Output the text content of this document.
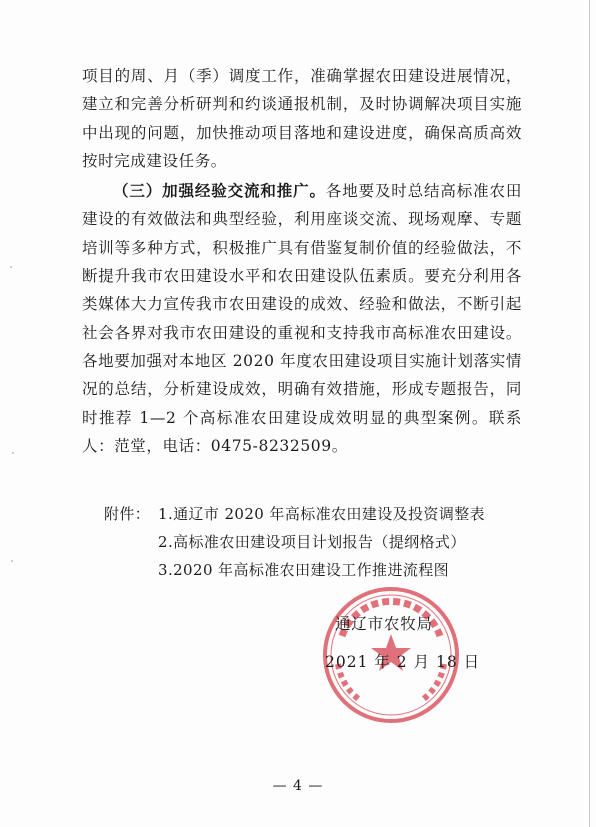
项目的周、月（季）调度工作，准确掌握农田建设进展情况，建立和完善分析研判和约谈通报机制，及时协调解决项目实施中出现的问题，加快推动项目落地和建设进度，确保高质高效按时完成建设任务。

（三）加强经验交流和推广。各地要及时总结高标准农田建设的有效做法和典型经验，利用座谈交流、现场观摩、专题培训等多种方式，积极推广具有借鉴复制价值的经验做法，不断提升我市农田建设水平和农田建设队伍素质。要充分利用各类媒体大力宣传我市农田建设的成效、经验和做法，不断引起社会各界对我市农田建设的重视和支持我市高标准农田建设。各地要加强对本地区 2020 年度农田建设项目实施计划落实情况的总结，分析建设成效，明确有效措施，形成专题报告，同时推荐 1—2 个高标准农田建设成效明显的典型案例。联系人：范堂，电话：0475-8232509。

附件： 1.通辽市 2020 年高标准农田建设及投资调整表
2.高标准农田建设项目计划报告（提纲格式）
3.2020 年高标准农田建设工作推进流程图
通辽市农牧局
2021 年 2 月 18 日
— 4 —
